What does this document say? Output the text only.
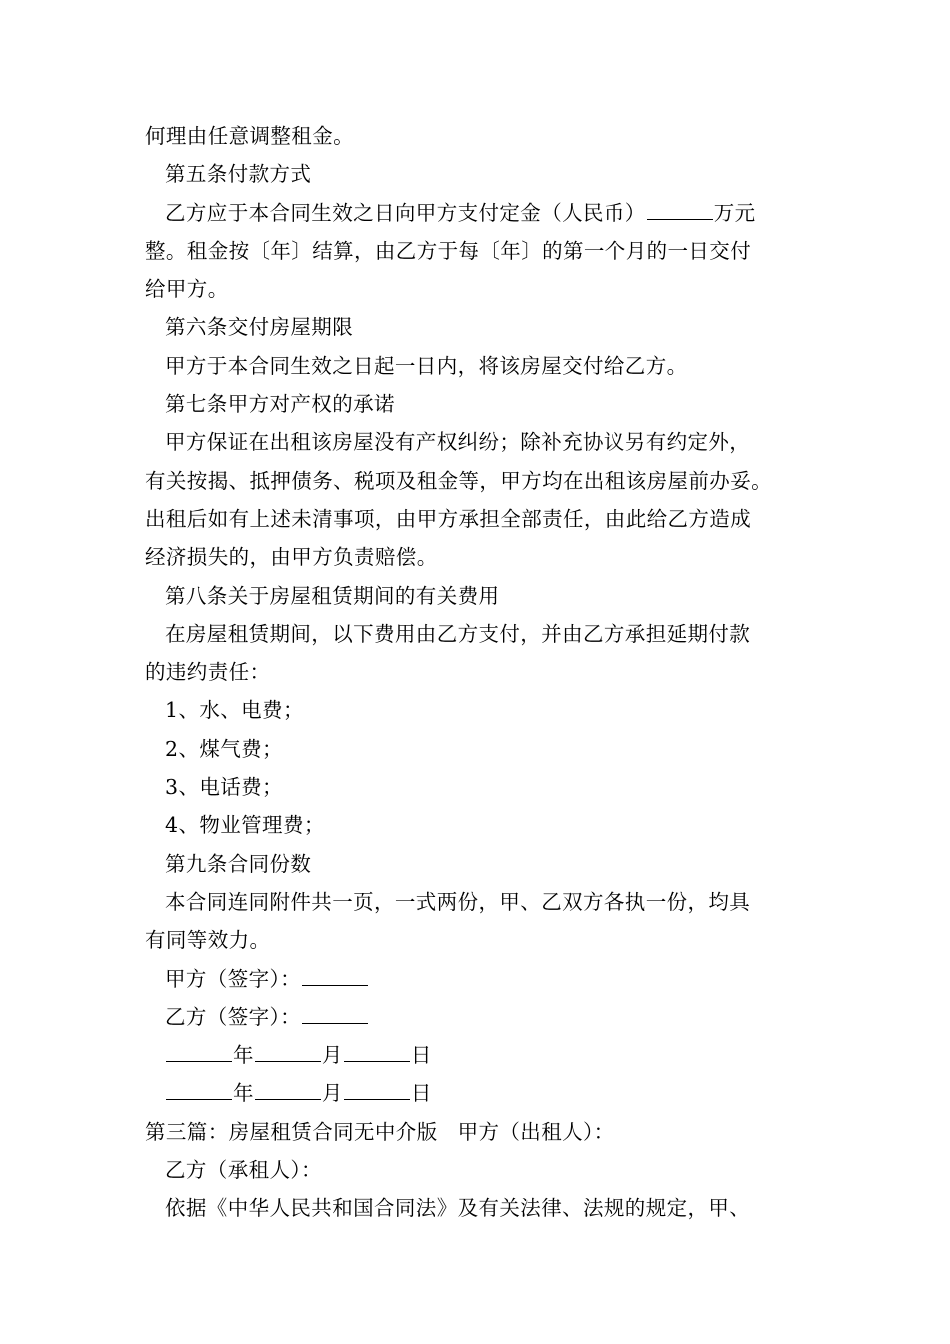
何理由任意调整租金。
第五条付款方式
乙方应于本合同生效之日向甲方支付定金（人民币）	万元
整。租金按〔年〕结算，由乙方于每〔年〕的第一个月的一日交付
给甲方。
第六条交付房屋期限
甲方于本合同生效之日起一日内，将该房屋交付给乙方。
第七条甲方对产权的承诺
甲方保证在出租该房屋没有产权纠纷；除补充协议另有约定外，
有关按揭、抵押债务、税项及租金等，甲方均在出租该房屋前办妥。
出租后如有上述未清事项，由甲方承担全部责任，由此给乙方造成
经济损失的，由甲方负责赔偿。
第八条关于房屋租赁期间的有关费用
在房屋租赁期间，以下费用由乙方支付，并由乙方承担延期付款
的违约责任：
1、水、电费；
2、煤气费；
3、电话费；
4、物业管理费；
第九条合同份数
本合同连同附件共一页，一式两份，甲、乙双方各执一份，均具
有同等效力。
甲方（签字）：
乙方（签字）：
年	月	日
年	月	日
第三篇：房屋租赁合同无中介版 甲方（出租人）：
乙方（承租人）：
依据《中华人民共和国合同法》及有关法律、法规的规定，甲、
